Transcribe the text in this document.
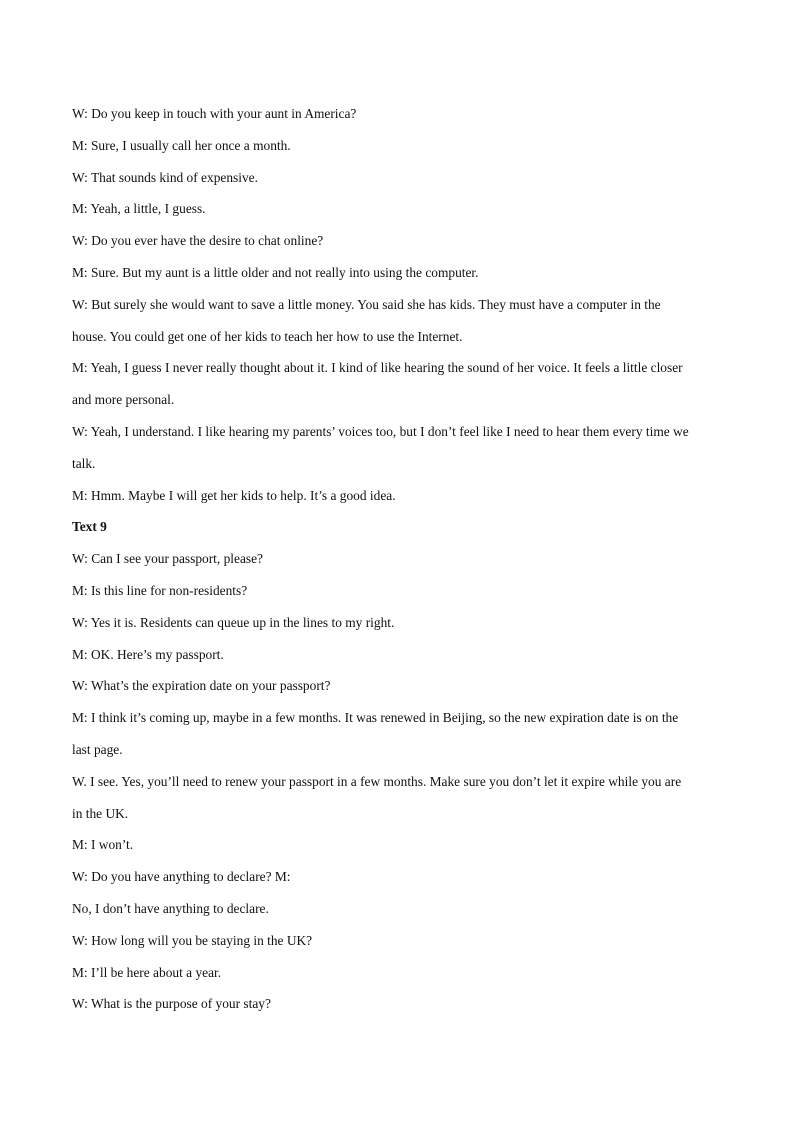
W: Do you keep in touch with your aunt in America?

M: Sure, I usually call her once a month.

W: That sounds kind of expensive.

M: Yeah, a little, I guess.

W: Do you ever have the desire to chat online?

M: Sure. But my aunt is a little older and not really into using the computer.

W: But surely she would want to save a little money. You said she has kids. They must have a computer in the

house. You could get one of her kids to teach her how to use the Internet.

M: Yeah, I guess I never really thought about it. I kind of like hearing the sound of her voice. It feels a little closer

and more personal.

W: Yeah, I understand. I like hearing my parents’ voices too, but I don’t feel like I need to hear them every time we

talk.

M: Hmm. Maybe I will get her kids to help. It’s a good idea.

Text 9

W: Can I see your passport, please?

M: Is this line for non-residents?

W: Yes it is. Residents can queue up in the lines to my right.

M: OK. Here’s my passport.

W: What’s the expiration date on your passport?

M: I think it’s coming up, maybe in a few months. It was renewed in Beijing, so the new expiration date is on the

last page.

W. I see. Yes, you’ll need to renew your passport in a few months. Make sure you don’t let it expire while you are

in the UK.

M: I won’t.

W: Do you have anything to declare? M:

No, I don’t have anything to declare.

W: How long will you be staying in the UK?

M: I’ll be here about a year.

W: What is the purpose of your stay?
